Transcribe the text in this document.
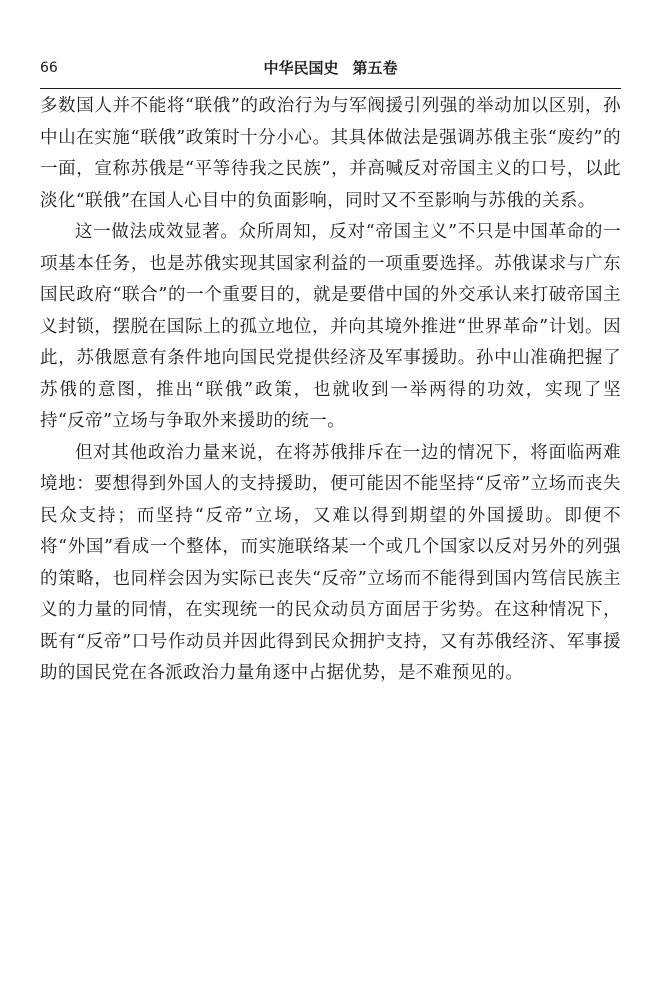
66	中华民国史 第五卷

多数国人并不能将“联俄”的政治行为与军阀援引列强的举动加以区别，孙中山在实施“联俄”政策时十分小心。其具体做法是强调苏俄主张“废约”的一面，宣称苏俄是“平等待我之民族”，并高喊反对帝国主义的口号，以此淡化“联俄”在国人心目中的负面影响，同时又不至影响与苏俄的关系。

这一做法成效显著。众所周知，反对“帝国主义”不只是中国革命的一项基本任务，也是苏俄实现其国家利益的一项重要选择。苏俄谋求与广东国民政府“联合”的一个重要目的，就是要借中国的外交承认来打破帝国主义封锁，摆脱在国际上的孤立地位，并向其境外推进“世界革命”计划。因此，苏俄愿意有条件地向国民党提供经济及军事援助。孙中山准确把握了苏俄的意图，推出“联俄”政策，也就收到一举两得的功效，实现了坚持“反帝”立场与争取外来援助的统一。

但对其他政治力量来说，在将苏俄排斥在一边的情况下，将面临两难境地：要想得到外国人的支持援助，便可能因不能坚持“反帝”立场而丧失民众支持；而坚持“反帝”立场，又难以得到期望的外国援助。即便不将“外国”看成一个整体，而实施联络某一个或几个国家以反对另外的列强的策略，也同样会因为实际已丧失“反帝”立场而不能得到国内笃信民族主义的力量的同情，在实现统一的民众动员方面居于劣势。在这种情况下，既有“反帝”口号作动员并因此得到民众拥护支持，又有苏俄经济、军事援助的国民党在各派政治力量角逐中占据优势，是不难预见的。
